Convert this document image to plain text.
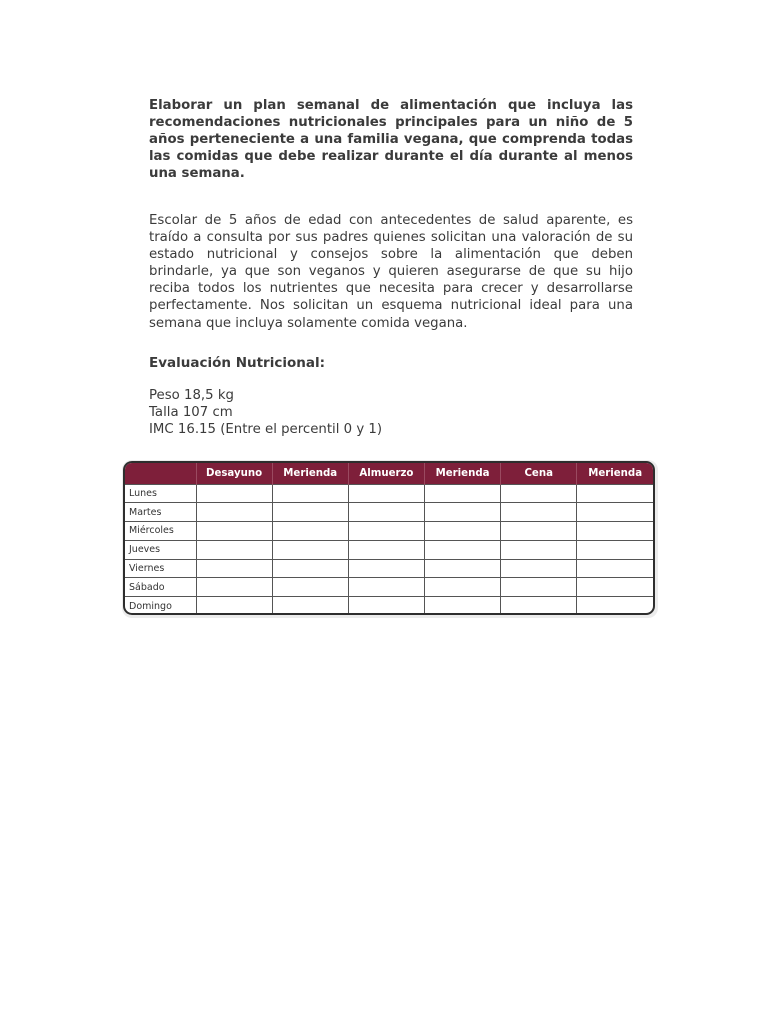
Elaborar un plan semanal de alimentación que incluya las recomendaciones nutricionales principales para un niño de 5 años perteneciente a una familia vegana, que comprenda todas las comidas que debe realizar durante el día durante al menos una semana.

Escolar de 5 años de edad con antecedentes de salud aparente, es traído a consulta por sus padres quienes solicitan una valoración de su estado nutricional y consejos sobre la alimentación que deben brindarle, ya que son veganos y quieren asegurarse de que su hijo reciba todos los nutrientes que necesita para crecer y desarrollarse perfectamente. Nos solicitan un esquema nutricional ideal para una semana que incluya solamente comida vegana.

Evaluación Nutricional:
Peso 18,5 kg
Talla 107 cm
IMC 16.15 (Entre el percentil 0 y 1)
	Desayuno	Merienda	Almuerzo	Merienda	Cena	Merienda
Lunes						
Martes						
Miércoles						
Jueves						
Viernes						
Sábado						
Domingo						
